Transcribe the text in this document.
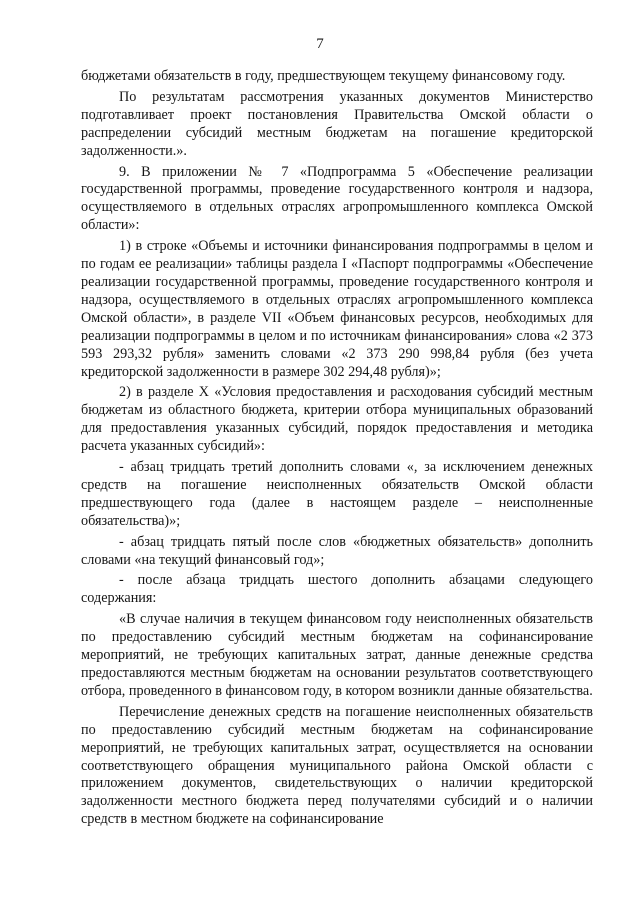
7

бюджетами обязательств в году, предшествующем текущему финансовому году.

По результатам рассмотрения указанных документов Министерство подготавливает проект постановления Правительства Омской области о распределении субсидий местным бюджетам на погашение кредиторской задолженности.».

9. В приложении № 7 «Подпрограмма 5 «Обеспечение реализации государственной программы, проведение государственного контроля и надзора, осуществляемого в отдельных отраслях агропромышленного комплекса Омской области»:

1) в строке «Объемы и источники финансирования подпрограммы в целом и по годам ее реализации» таблицы раздела I «Паспорт подпрограммы «Обеспечение реализации государственной программы, проведение государственного контроля и надзора, осуществляемого в отдельных отраслях агропромышленного комплекса Омской области», в разделе VII «Объем финансовых ресурсов, необходимых для реализации подпрограммы в целом и по источникам финансирования» слова «2 373 593 293,32 рубля» заменить словами «2 373 290 998,84 рубля (без учета кредиторской задолженности в размере 302 294,48 рубля)»;

2) в разделе X «Условия предоставления и расходования субсидий местным бюджетам из областного бюджета, критерии отбора муниципальных образований для предоставления указанных субсидий, порядок предоставления и методика расчета указанных субсидий»:

- абзац тридцать третий дополнить словами «, за исключением денежных средств на погашение неисполненных обязательств Омской области предшествующего года (далее в настоящем разделе – неисполненные обязательства)»;

- абзац тридцать пятый после слов «бюджетных обязательств» дополнить словами «на текущий финансовый год»;

- после абзаца тридцать шестого дополнить абзацами следующего содержания:

«В случае наличия в текущем финансовом году неисполненных обязательств по предоставлению субсидий местным бюджетам на софинансирование мероприятий, не требующих капитальных затрат, данные денежные средства предоставляются местным бюджетам на основании результатов соответствующего отбора, проведенного в финансовом году, в котором возникли данные обязательства.

Перечисление денежных средств на погашение неисполненных обязательств по предоставлению субсидий местным бюджетам на софинансирование мероприятий, не требующих капитальных затрат, осуществляется на основании соответствующего обращения муниципального района Омской области с приложением документов, свидетельствующих о наличии кредиторской задолженности местного бюджета перед получателями субсидий и о наличии средств в местном бюджете на софинансирование
